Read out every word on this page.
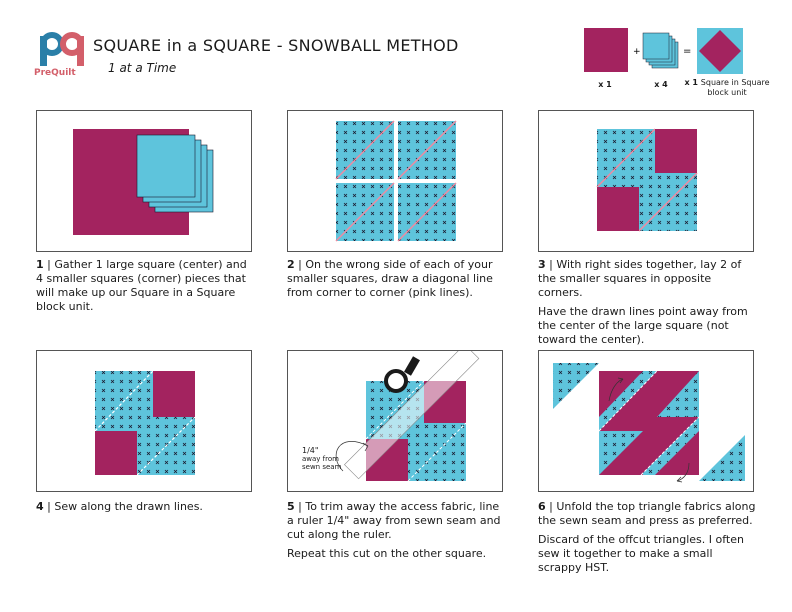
PreQuilt
SQUARE in a SQUARE - SNOWBALL METHOD
1 at a Time
+	=
x 1	x 4	x 1 Square in Square
block unit
1/4"
away from
sewn seam

1 | Gather 1 large square (center) and 4 smaller squares (corner) pieces that will make up our Square in a Square block unit.

2 | On the wrong side of each of your smaller squares, draw a diagonal line from corner to corner (pink lines).

3 | With right sides together, lay 2 of the smaller squares in opposite corners.

Have the drawn lines point away from the center of the large square (not toward the center).

4 | Sew along the drawn lines.	5 | To trim away the access fabric, line a ruler 1/4" away from sewn seam and cut along the ruler.

Repeat this cut on the other square.

6 | Unfold the top triangle fabrics along the sewn seam and press as preferred.

Discard of the offcut triangles. I often sew it together to make a small scrappy HST.
